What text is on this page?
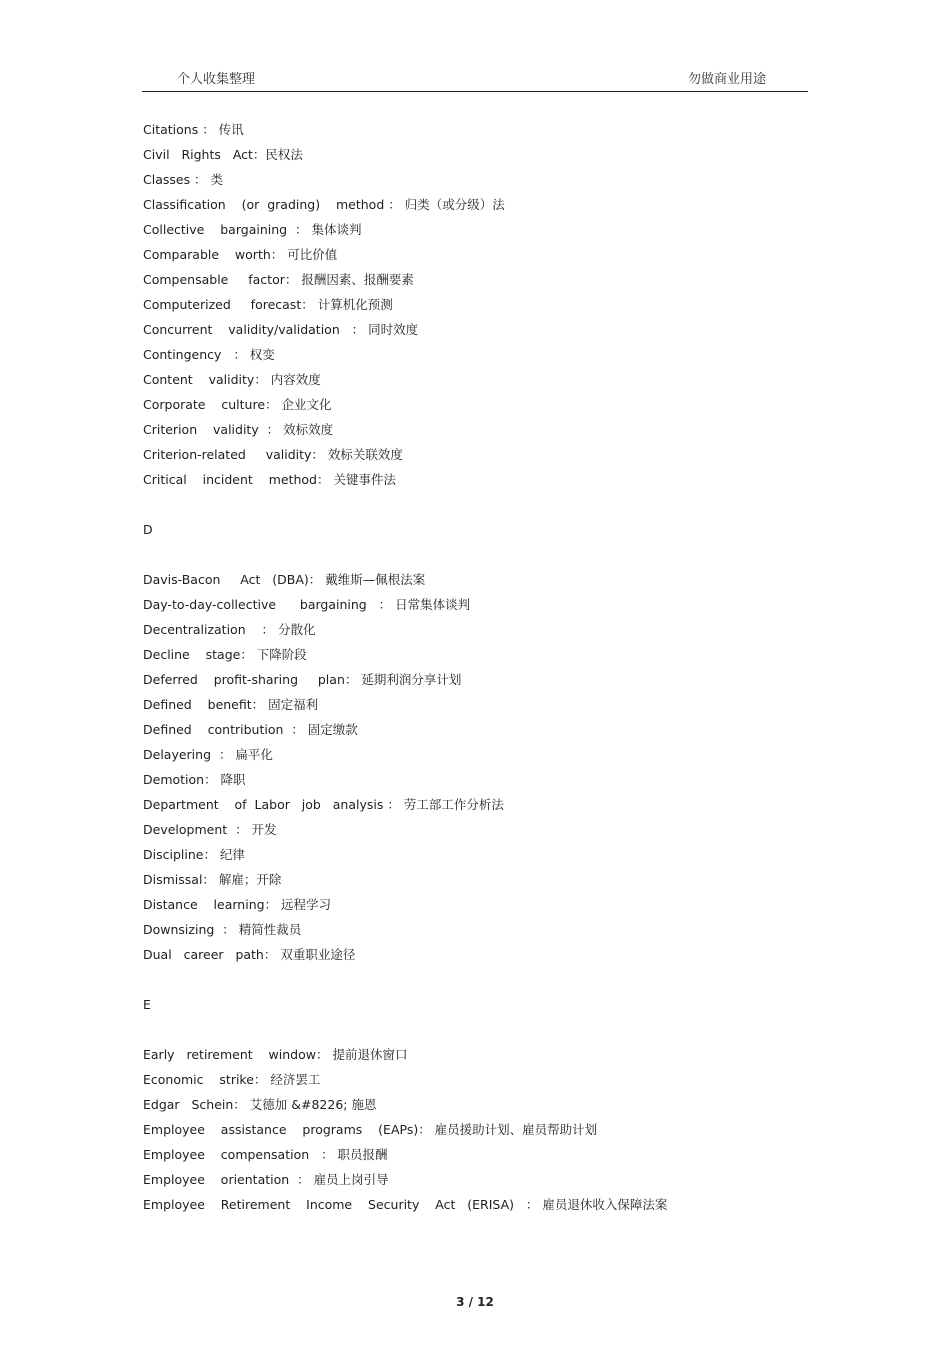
个人收集整理	勿做商业用途
Citations ： 传讯
Civil   Rights   Act：民权法
Classes ： 类
Classification    (or  grading)    method ： 归类（或分级）法
Collective    bargaining  ： 集体谈判
Comparable    worth： 可比价值
Compensable     factor： 报酬因素、报酬要素
Computerized     forecast： 计算机化预测
Concurrent    validity/validation   ： 同时效度
Contingency   ： 权变
Content    validity： 内容效度
Corporate    culture： 企业文化
Criterion    validity  ： 效标效度
Criterion-related     validity： 效标关联效度
Critical    incident    method： 关键事件法
D
Davis-Bacon     Act   (DBA)： 戴维斯—佩根法案
Day-to-day-collective      bargaining   ： 日常集体谈判
Decentralization    ： 分散化
Decline    stage： 下降阶段
Deferred    profit-sharing     plan： 延期利润分享计划
Defined    benefit： 固定福利
Defined    contribution  ： 固定缴款
Delayering  ： 扁平化
Demotion： 降职
Department    of  Labor   job   analysis ： 劳工部工作分析法
Development  ： 开发
Discipline： 纪律
Dismissal： 解雇；开除
Distance    learning： 远程学习
Downsizing  ： 精简性裁员
Dual   career   path： 双重职业途径
E
Early   retirement    window： 提前退休窗口
Economic    strike： 经济罢工
Edgar   Schein： 艾德加 &#8226; 施恩
Employee    assistance    programs    (EAPs)： 雇员援助计划、雇员帮助计划
Employee    compensation   ： 职员报酬
Employee    orientation  ： 雇员上岗引导
Employee    Retirement    Income    Security    Act   (ERISA)   ： 雇员退休收入保障法案
3 / 12
